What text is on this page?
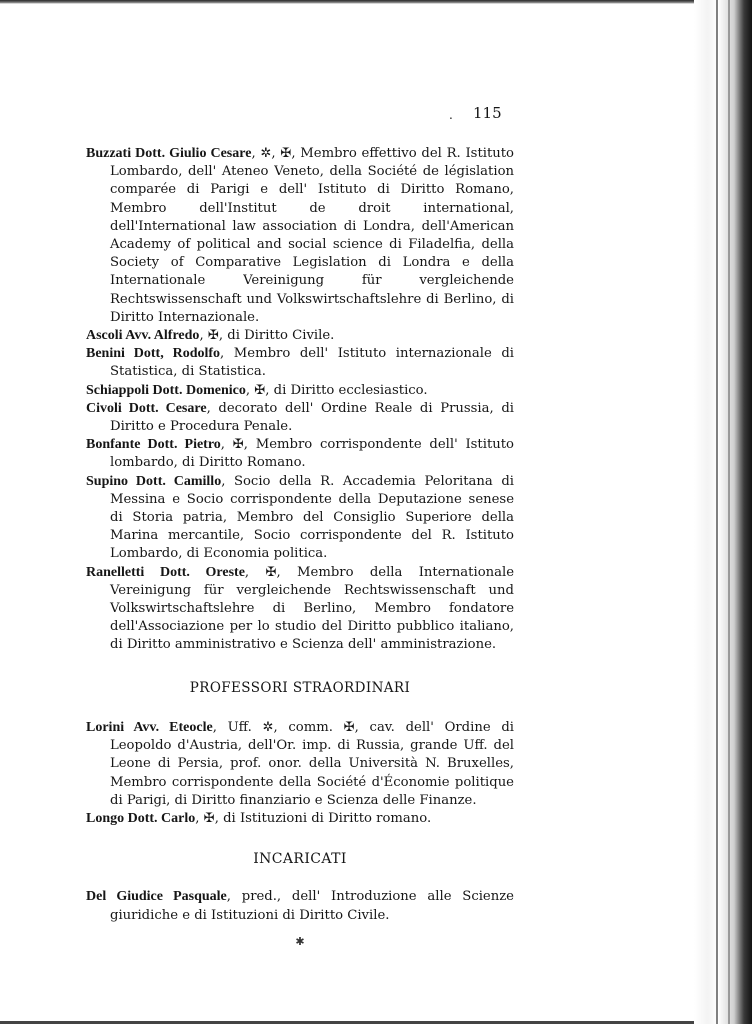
. 115

Buzzati Dott. Giulio Cesare, ✲, ✠, Membro effettivo del R. Istituto Lombardo, dell' Ateneo Veneto, della Société de législation comparée di Parigi e dell' Istituto di Diritto Romano, Membro dell'Institut de droit international, dell'International law association di Londra, dell'American Academy of political and social science di Filadelfia, della Society of Comparative Legislation di Londra e della Internationale Vereinigung für vergleichende Rechtswissenschaft und Volkswirtschaftslehre di Berlino, di Diritto Internazionale.

Ascoli Avv. Alfredo, ✠, di Diritto Civile.

Benini Dott, Rodolfo, Membro dell' Istituto internazionale di Statistica, di Statistica.

Schiappoli Dott. Domenico, ✠, di Diritto ecclesiastico.

Civoli Dott. Cesare, decorato dell' Ordine Reale di Prussia, di Diritto e Procedura Penale.

Bonfante Dott. Pietro, ✠, Membro corrispondente dell' Istituto lombardo, di Diritto Romano.

Supino Dott. Camillo, Socio della R. Accademia Peloritana di Messina e Socio corrispondente della Deputazione senese di Storia patria, Membro del Consiglio Superiore della Marina mercantile, Socio corrispondente del R. Istituto Lombardo, di Economia politica.

Ranelletti Dott. Oreste, ✠, Membro della Internationale Vereinigung für vergleichende Rechtswissenschaft und Volkswirtschaftslehre di Berlino, Membro fondatore dell'Associazione per lo studio del Diritto pubblico italiano, di Diritto amministrativo e Scienza dell' amministrazione.

PROFESSORI STRAORDINARI

Lorini Avv. Eteocle, Uff. ✲, comm. ✠, cav. dell' Ordine di Leopoldo d'Austria, dell'Or. imp. di Russia, grande Uff. del Leone di Persia, prof. onor. della Università N. Bruxelles, Membro corrispondente della Société d'Économie politique di Parigi, di Diritto finanziario e Scienza delle Finanze.

Longo Dott. Carlo, ✠, di Istituzioni di Diritto romano.

INCARICATI

Del Giudice Pasquale, pred., dell' Introduzione alle Scienze giuridiche e di Istituzioni di Diritto Civile.

✱
